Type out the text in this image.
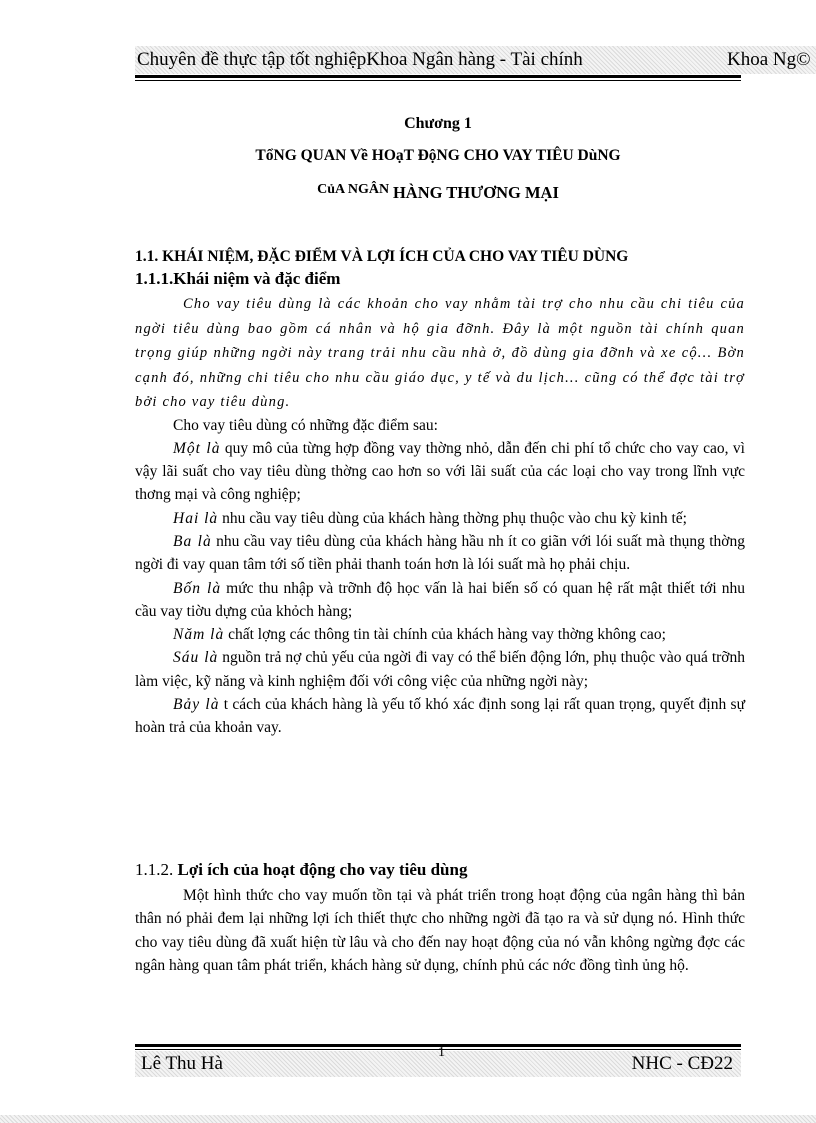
Chuyên đề thực tập tốt nghiệpKhoa Ngân hàng - Tài chính	Khoa Ng©
Chương 1
TổNG QUAN Về HOạT ĐộNG CHO VAY TIÊU DùNG
CủA NGÂN HÀNG THƯƠNG MẠI
1.1. KHÁI NIỆM, ĐẶC ĐIỂM VÀ LỢI ÍCH CỦA CHO VAY TIÊU DÙNG
1.1.1.Khái niệm và đặc điểm

Cho vay tiêu dùng là các khoản cho vay nhằm tài trợ cho nhu cầu chi tiêu của ngời tiêu dùng bao gồm cá nhân và hộ gia đỡnh. Đây là một nguồn tài chính quan trọng giúp những ngời này trang trải nhu cầu nhà ở, đồ dùng gia đỡnh và xe cộ... Bờn cạnh đó, những chi tiêu cho nhu cầu giáo dục, y tế và du lịch... cũng có thể đợc tài trợ bởi cho vay tiêu dùng.

Cho vay tiêu dùng có những đặc điểm sau:

Một là quy mô của từng hợp đồng vay thờng nhỏ, dẫn đến chi phí tổ chức cho vay cao, vì vậy lãi suất cho vay tiêu dùng thờng cao hơn so với lãi suất của các loại cho vay trong lĩnh vực thơng mại và công nghiệp;

Hai là nhu cầu vay tiêu dùng của khách hàng thờng phụ thuộc vào chu kỳ kinh tế;

Ba là nhu cầu vay tiêu dùng của khách hàng hầu nh ít co giãn với lói suất mà thụng thờng ngời đi vay quan tâm tới số tiền phải thanh toán hơn là lói suất mà họ phải chịu.

Bốn là mức thu nhập và trỡnh độ học vấn là hai biến số có quan hệ rất mật thiết tới nhu cầu vay tiờu dựng của khỏch hàng;

Năm là chất lợng các thông tin tài chính của khách hàng vay thờng không cao;

Sáu là nguồn trả nợ chủ yếu của ngời đi vay có thể biến động lớn, phụ thuộc vào quá trỡnh làm việc, kỹ năng và kinh nghiệm đối với công việc của những ngời này;

Bảy là t cách của khách hàng là yếu tố khó xác định song lại rất quan trọng, quyết định sự hoàn trả của khoản vay.

1.1.2. Lợi ích của hoạt động cho vay tiêu dùng

Một hình thức cho vay muốn tồn tại và phát triển trong hoạt động của ngân hàng thì bản thân nó phải đem lại những lợi ích thiết thực cho những ngời đã tạo ra và sử dụng nó. Hình thức cho vay tiêu dùng đã xuất hiện từ lâu và cho đến nay hoạt động của nó vẫn không ngừng đợc các ngân hàng quan tâm phát triển, khách hàng sử dụng, chính phủ các nớc đồng tình ủng hộ.

Lê Thu Hà	NHC - CĐ22
1
